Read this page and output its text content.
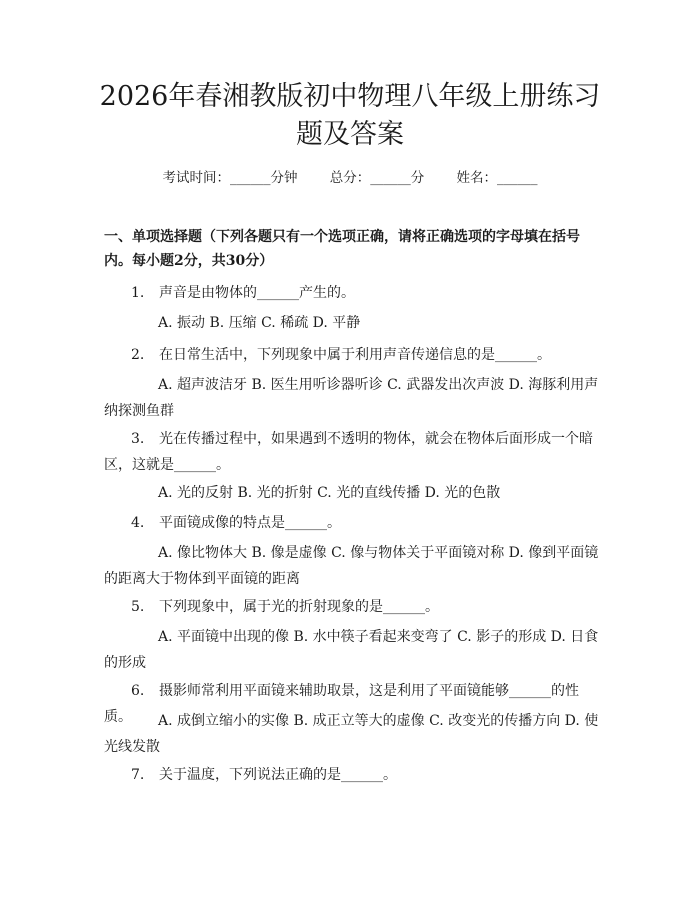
2026年春湘教版初中物理八年级上册练习题及答案
考试时间：______分钟 总分：______分 姓名：______

一、单项选择题（下列各题只有一个选项正确，请将正确选项的字母填在括号内。每小题2分，共30分）

1. 声音是由物体的______产生的。

A. 振动 B. 压缩 C. 稀疏 D. 平静

2. 在日常生活中，下列现象中属于利用声音传递信息的是______。

A. 超声波洁牙 B. 医生用听诊器听诊 C. 武器发出次声波 D. 海豚利用声纳探测鱼群

3. 光在传播过程中，如果遇到不透明的物体，就会在物体后面形成一个暗区，这就是______。

A. 光的反射 B. 光的折射 C. 光的直线传播 D. 光的色散

4. 平面镜成像的特点是______。

A. 像比物体大 B. 像是虚像 C. 像与物体关于平面镜对称 D. 像到平面镜的距离大于物体到平面镜的距离

5. 下列现象中，属于光的折射现象的是______。

A. 平面镜中出现的像 B. 水中筷子看起来变弯了 C. 影子的形成 D. 日食的形成

6. 摄影师常利用平面镜来辅助取景，这是利用了平面镜能够______的性质。	A. 成倒立缩小的实像 B. 成正立等大的虚像 C. 改变光的传播方向 D. 使光线发散

7. 关于温度，下列说法正确的是______。
